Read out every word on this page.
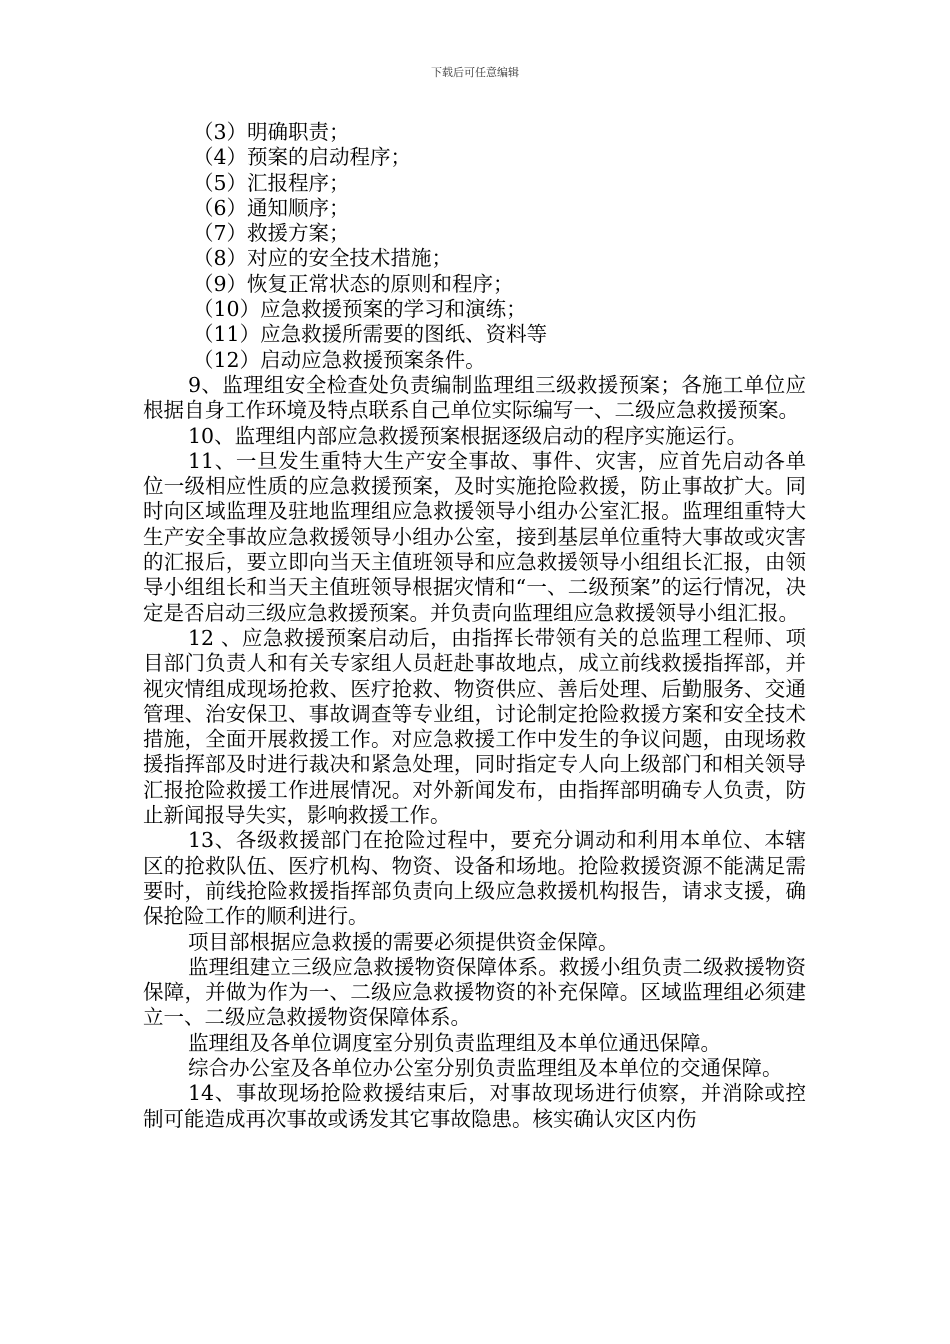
下载后可任意编辑

（3）明确职责；

（4）预案的启动程序；

（5）汇报程序；

（6）通知顺序；

（7）救援方案；

（8）对应的安全技术措施；

（9）恢复正常状态的原则和程序；

（10）应急救援预案的学习和演练；

（11）应急救援所需要的图纸、资料等

（12）启动应急救援预案条件。

9、监理组安全检查处负责编制监理组三级救援预案；各施工单位应根据自身工作环境及特点联系自己单位实际编写一、二级应急救援预案。

10、监理组内部应急救援预案根据逐级启动的程序实施运行。

11、一旦发生重特大生产安全事故、事件、灾害，应首先启动各单位一级相应性质的应急救援预案，及时实施抢险救援，防止事故扩大。同时向区域监理及驻地监理组应急救援领导小组办公室汇报。监理组重特大生产安全事故应急救援领导小组办公室，接到基层单位重特大事故或灾害的汇报后，要立即向当天主值班领导和应急救援领导小组组长汇报，由领导小组组长和当天主值班领导根据灾情和“一、二级预案”的运行情况，决定是否启动三级应急救援预案。并负责向监理组应急救援领导小组汇报。

12 、应急救援预案启动后，由指挥长带领有关的总监理工程师、项目部门负责人和有关专家组人员赶赴事故地点，成立前线救援指挥部，并视灾情组成现场抢救、医疗抢救、物资供应、善后处理、后勤服务、交通管理、治安保卫、事故调查等专业组，讨论制定抢险救援方案和安全技术措施，全面开展救援工作。对应急救援工作中发生的争议问题，由现场救援指挥部及时进行裁决和紧急处理，同时指定专人向上级部门和相关领导汇报抢险救援工作进展情况。对外新闻发布，由指挥部明确专人负责，防止新闻报导失实，影响救援工作。

13、各级救援部门在抢险过程中，要充分调动和利用本单位、本辖区的抢救队伍、医疗机构、物资、设备和场地。抢险救援资源不能满足需要时，前线抢险救援指挥部负责向上级应急救援机构报告，请求支援，确保抢险工作的顺利进行。

项目部根据应急救援的需要必须提供资金保障。

监理组建立三级应急救援物资保障体系。救援小组负责二级救援物资保障，并做为作为一、二级应急救援物资的补充保障。区域监理组必须建立一、二级应急救援物资保障体系。

监理组及各单位调度室分别负责监理组及本单位通迅保障。

综合办公室及各单位办公室分别负责监理组及本单位的交通保障。

14、事故现场抢险救援结束后，对事故现场进行侦察，并消除或控制可能造成再次事故或诱发其它事故隐患。核实确认灾区内伤
